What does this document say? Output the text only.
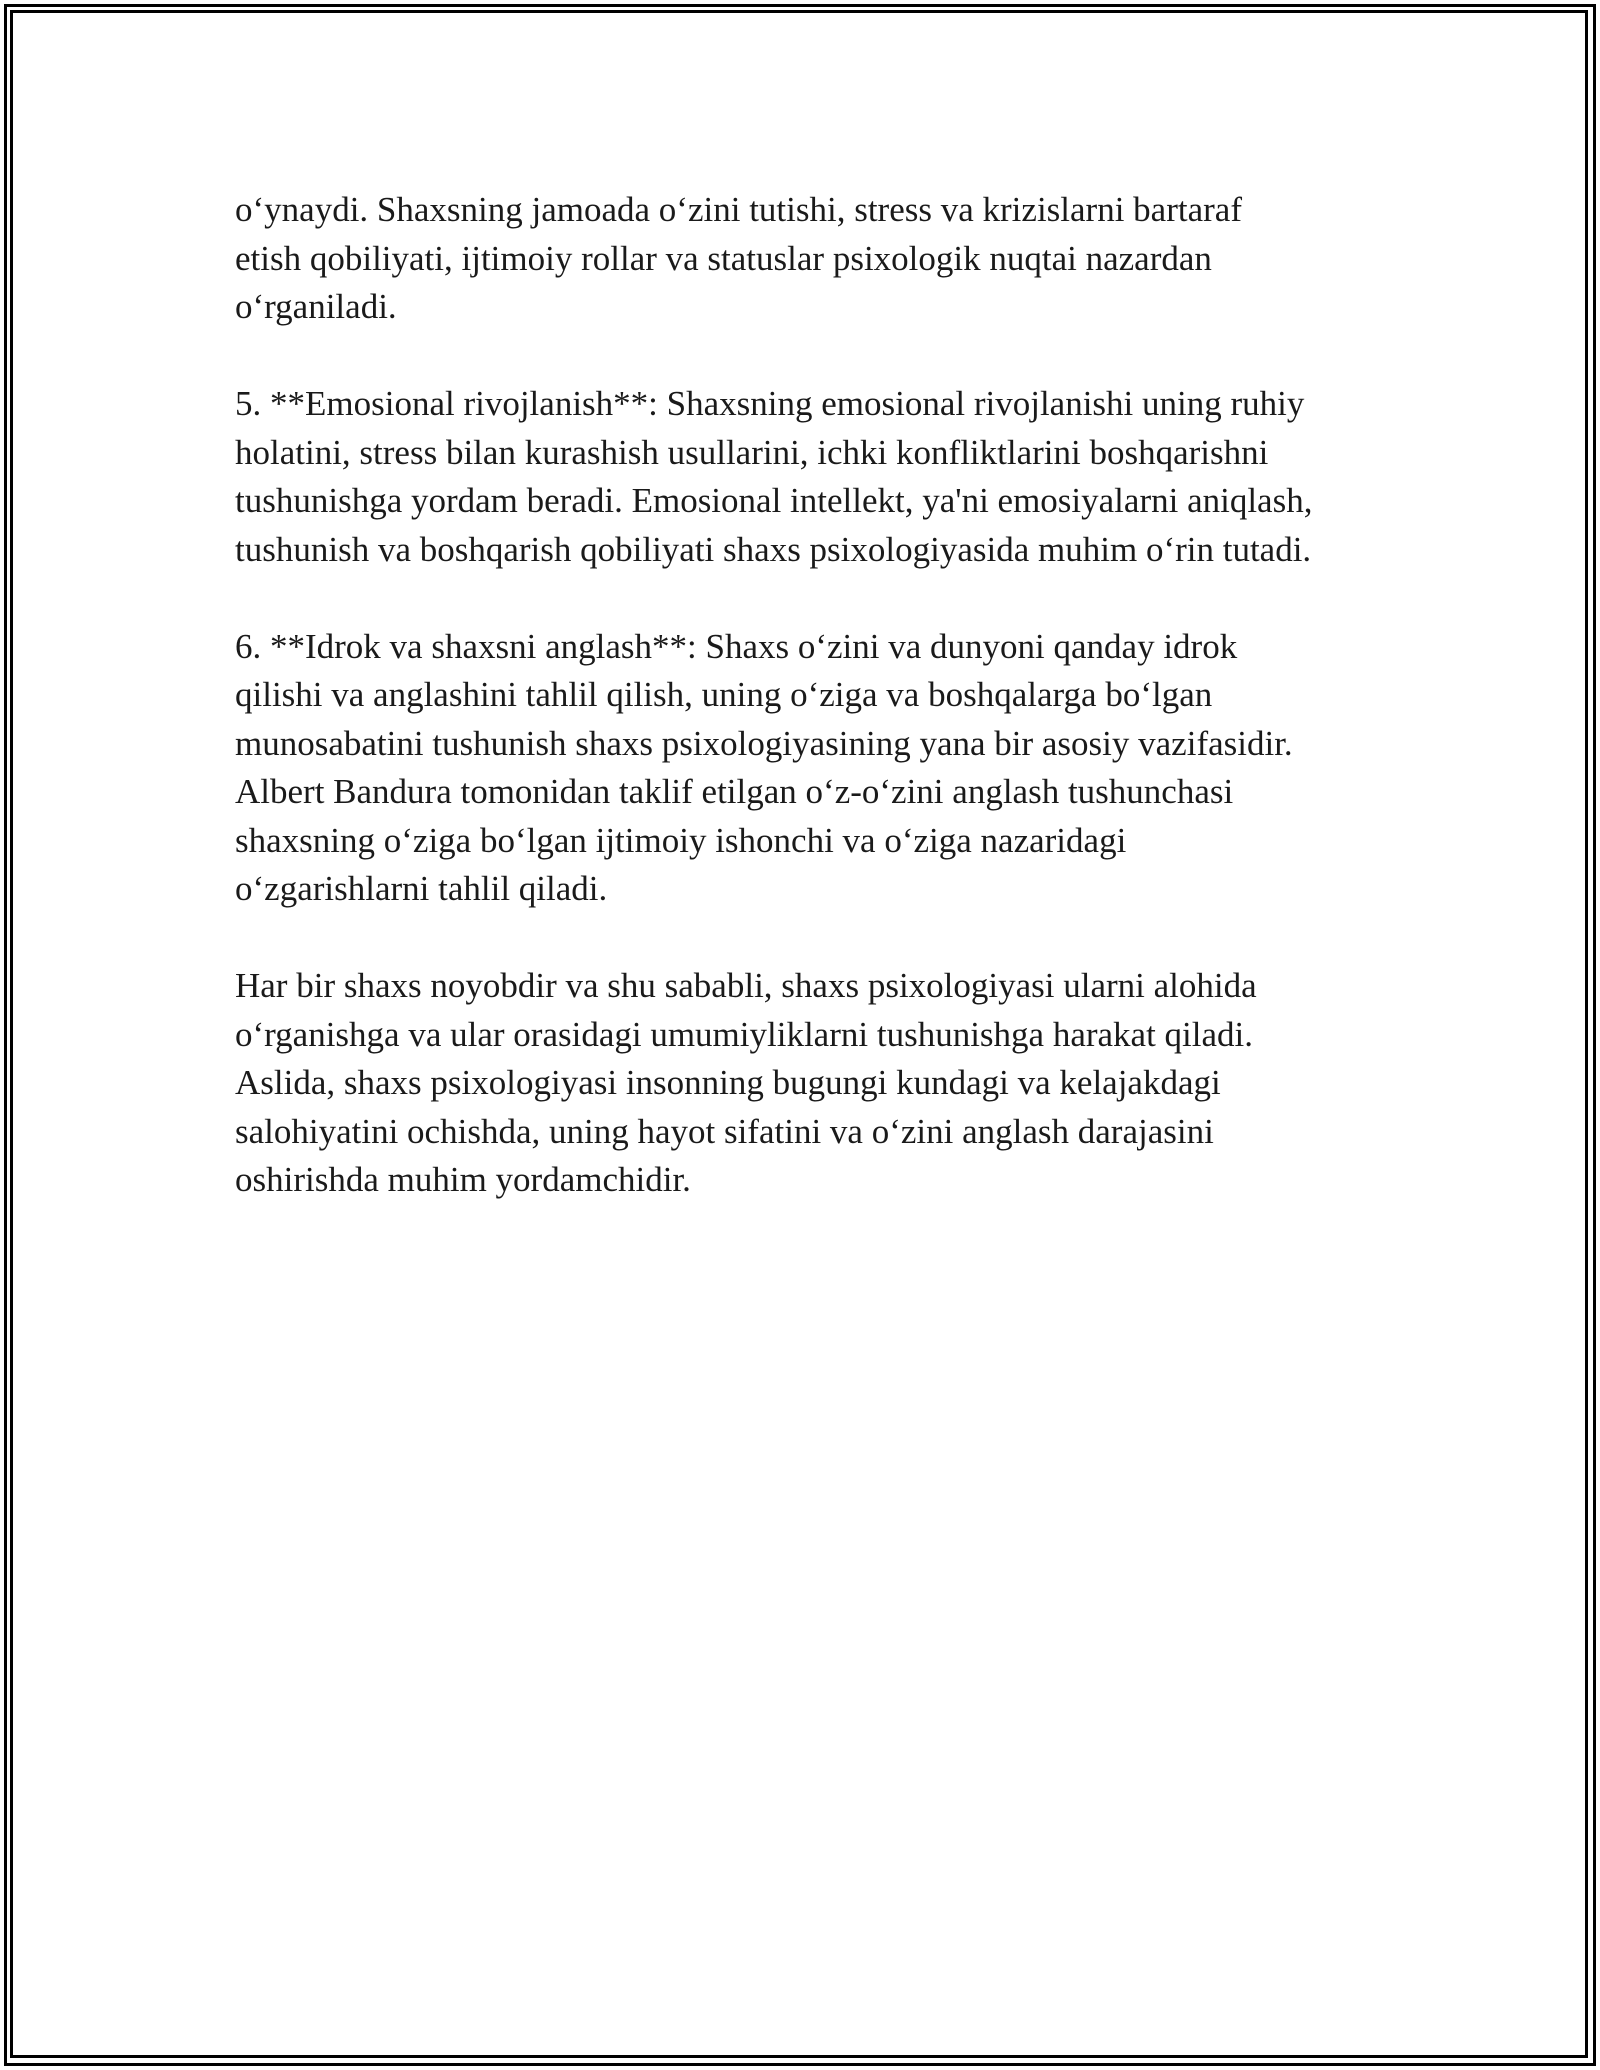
oʻynaydi. Shaxsning jamoada oʻzini tutishi, stress va krizislarni bartaraf
etish qobiliyati, ijtimoiy rollar va statuslar psixologik nuqtai nazardan
oʻrganiladi.

5. **Emosional rivojlanish**: Shaxsning emosional rivojlanishi uning ruhiy
holatini, stress bilan kurashish usullarini, ichki konfliktlarini boshqarishni
tushunishga yordam beradi. Emosional intellekt, ya'ni emosiyalarni aniqlash,
tushunish va boshqarish qobiliyati shaxs psixologiyasida muhim oʻrin tutadi.

6. **Idrok va shaxsni anglash**: Shaxs oʻzini va dunyoni qanday idrok
qilishi va anglashini tahlil qilish, uning oʻziga va boshqalarga boʻlgan
munosabatini tushunish shaxs psixologiyasining yana bir asosiy vazifasidir.
Albert Bandura tomonidan taklif etilgan oʻz-oʻzini anglash tushunchasi
shaxsning oʻziga boʻlgan ijtimoiy ishonchi va oʻziga nazaridagi
oʻzgarishlarni tahlil qiladi.

Har bir shaxs noyobdir va shu sababli, shaxs psixologiyasi ularni alohida
oʻrganishga va ular orasidagi umumiyliklarni tushunishga harakat qiladi.
Aslida, shaxs psixologiyasi insonning bugungi kundagi va kelajakdagi
salohiyatini ochishda, uning hayot sifatini va oʻzini anglash darajasini
oshirishda muhim yordamchidir.
